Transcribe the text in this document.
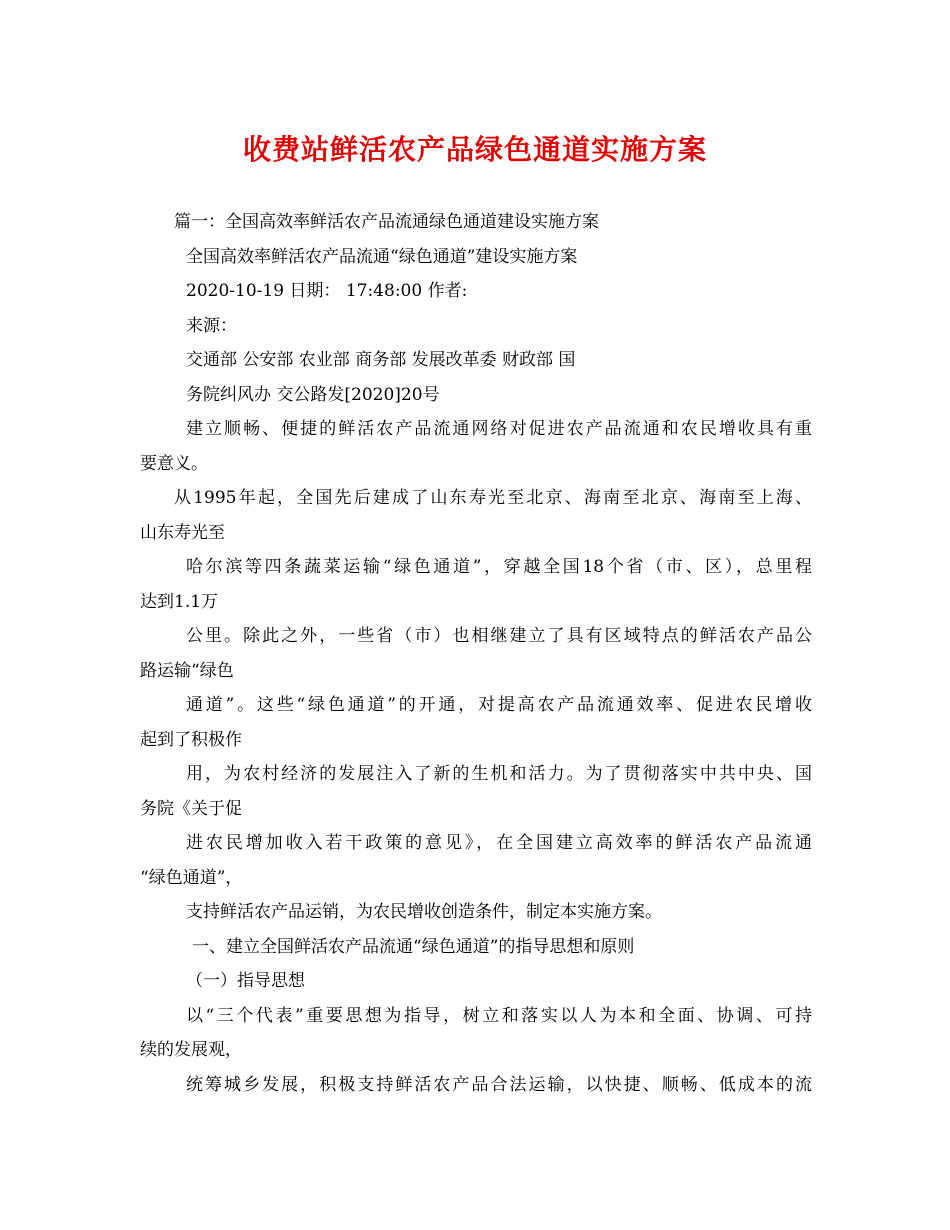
收费站鲜活农产品绿色通道实施方案
篇一：全国高效率鲜活农产品流通绿色通道建设实施方案
全国高效率鲜活农产品流通“绿色通道”建设实施方案
2020-10-19 日期： 17:48:00 作者:
来源：
交通部 公安部 农业部 商务部 发展改革委 财政部 国
务院纠风办 交公路发[2020]20号
建立顺畅、便捷的鲜活农产品流通网络对促进农产品流通和农民增收具有重
要意义。
从1995年起，全国先后建成了山东寿光至北京、海南至北京、海南至上海、
山东寿光至
哈尔滨等四条蔬菜运输“绿色通道”，穿越全国18个省（市、区），总里程
达到1.1万
公里。除此之外，一些省（市）也相继建立了具有区域特点的鲜活农产品公
路运输“绿色
通道”。这些“绿色通道”的开通，对提高农产品流通效率、促进农民增收
起到了积极作
用，为农村经济的发展注入了新的生机和活力。为了贯彻落实中共中央、国
务院《关于促
进农民增加收入若干政策的意见》，在全国建立高效率的鲜活农产品流通
“绿色通道”，
支持鲜活农产品运销，为农民增收创造条件，制定本实施方案。
一、建立全国鲜活农产品流通“绿色通道”的指导思想和原则
（一）指导思想
以“三个代表”重要思想为指导，树立和落实以人为本和全面、协调、可持
续的发展观，
统筹城乡发展，积极支持鲜活农产品合法运输，以快捷、顺畅、低成本的流
